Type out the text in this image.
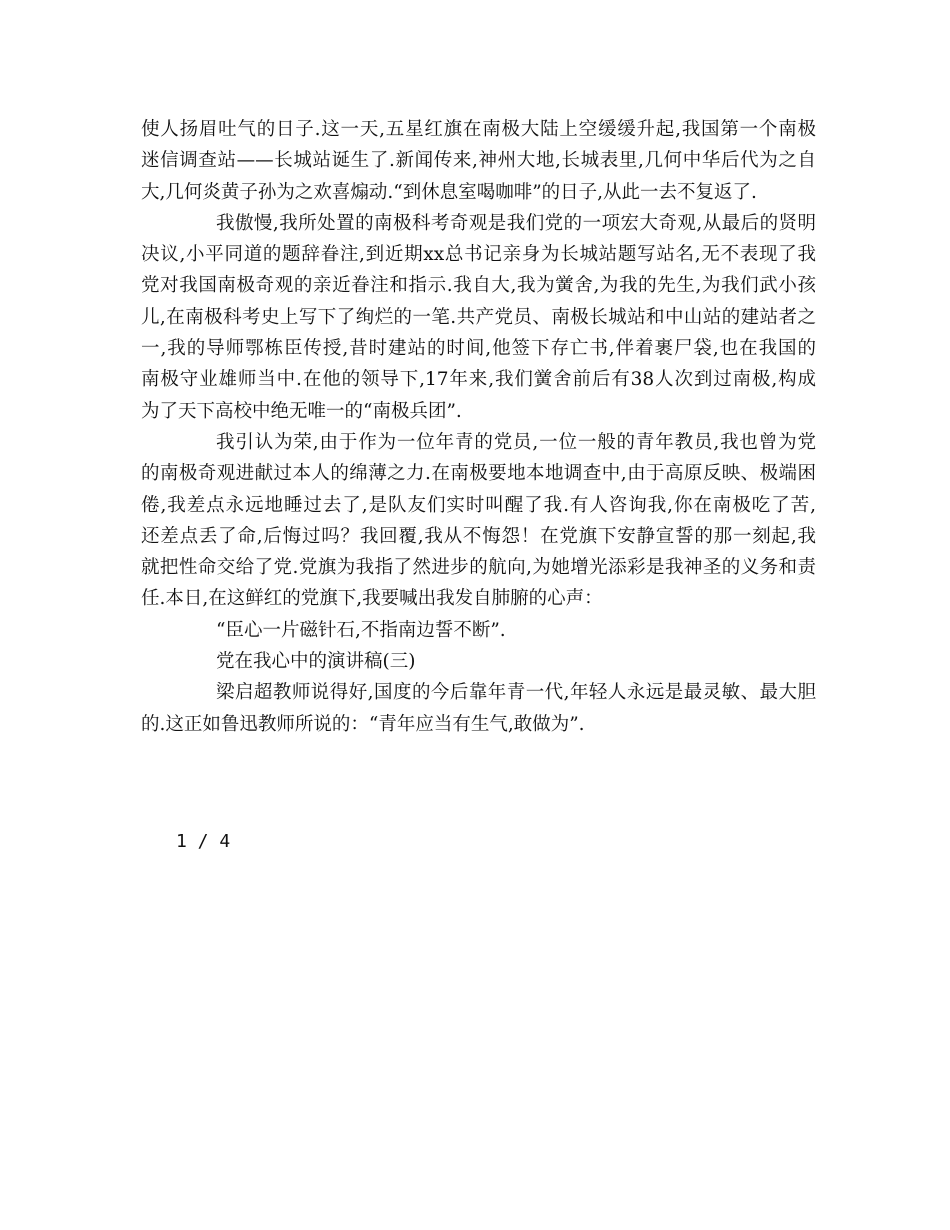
使人扬眉吐气的日子.这一天,五星红旗在南极大陆上空缓缓升起,我国第一个南极
迷信调查站——长城站诞生了.新闻传来,神州大地,长城表里,几何中华后代为之自
大,几何炎黄子孙为之欢喜煽动.“到休息室喝咖啡”的日子,从此一去不复返了.
我傲慢,我所处置的南极科考奇观是我们党的一项宏大奇观,从最后的贤明
决议,小平同道的题辞眷注,到近期xx总书记亲身为长城站题写站名,无不表现了我
党对我国南极奇观的亲近眷注和指示.我自大,我为黉舍,为我的先生,为我们武小孩
儿,在南极科考史上写下了绚烂的一笔.共产党员、南极长城站和中山站的建站者之
一,我的导师鄂栋臣传授,昔时建站的时间,他签下存亡书,伴着裹尸袋,也在我国的
南极守业雄师当中.在他的领导下,17年来,我们黉舍前后有38人次到过南极,构成
为了天下高校中绝无唯一的“南极兵团”.
我引认为荣,由于作为一位年青的党员,一位一般的青年教员,我也曾为党
的南极奇观进献过本人的绵薄之力.在南极要地本地调查中,由于高原反映、极端困
倦,我差点永远地睡过去了,是队友们实时叫醒了我.有人咨询我,你在南极吃了苦,
还差点丢了命,后悔过吗？我回覆,我从不悔怨！在党旗下安静宣誓的那一刻起,我
就把性命交给了党.党旗为我指了然进步的航向,为她增光添彩是我神圣的义务和责
任.本日,在这鲜红的党旗下,我要喊出我发自肺腑的心声：
“臣心一片磁针石,不指南边誓不断”.
党在我心中的演讲稿(三)
梁启超教师说得好,国度的今后靠年青一代,年轻人永远是最灵敏、最大胆
的.这正如鲁迅教师所说的：“青年应当有生气,敢做为”.
1 / 4
